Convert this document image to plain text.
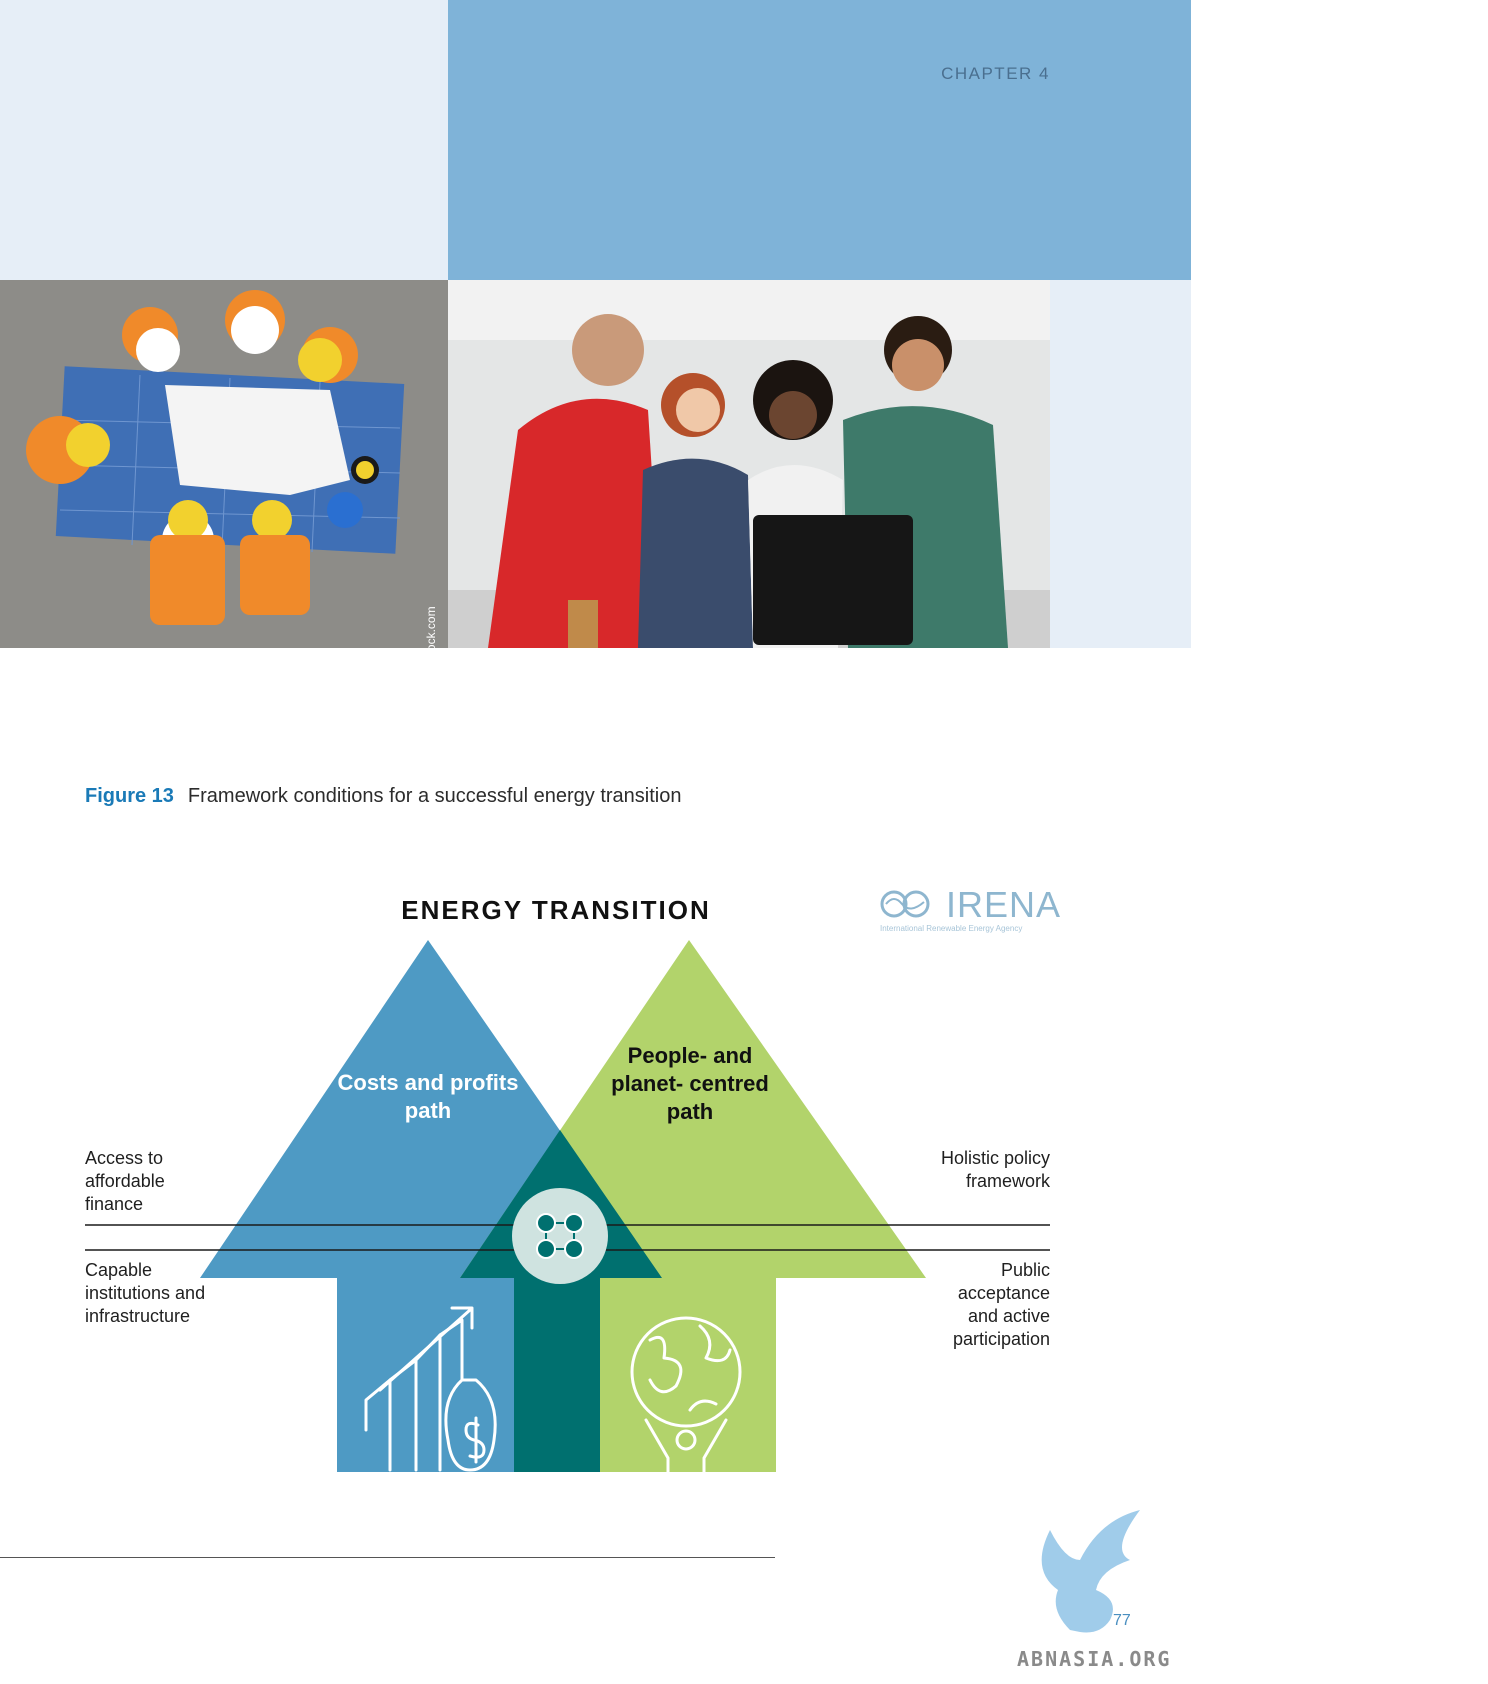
CHAPTER 4
© AU USAnakul / shutterstock.com	© Zamrznuti tonovi / shutterstock.com
Figure 13 Framework conditions for a successful energy transition
IRENA
International Renewable Energy Agency
ENERGY TRANSITION
Costs and profits path
People- and planet- centred path
Access to affordable finance
Capable institutions and infrastructure
Holistic policy framework
Public acceptance and active participation
77
ABNASIA.ORG
